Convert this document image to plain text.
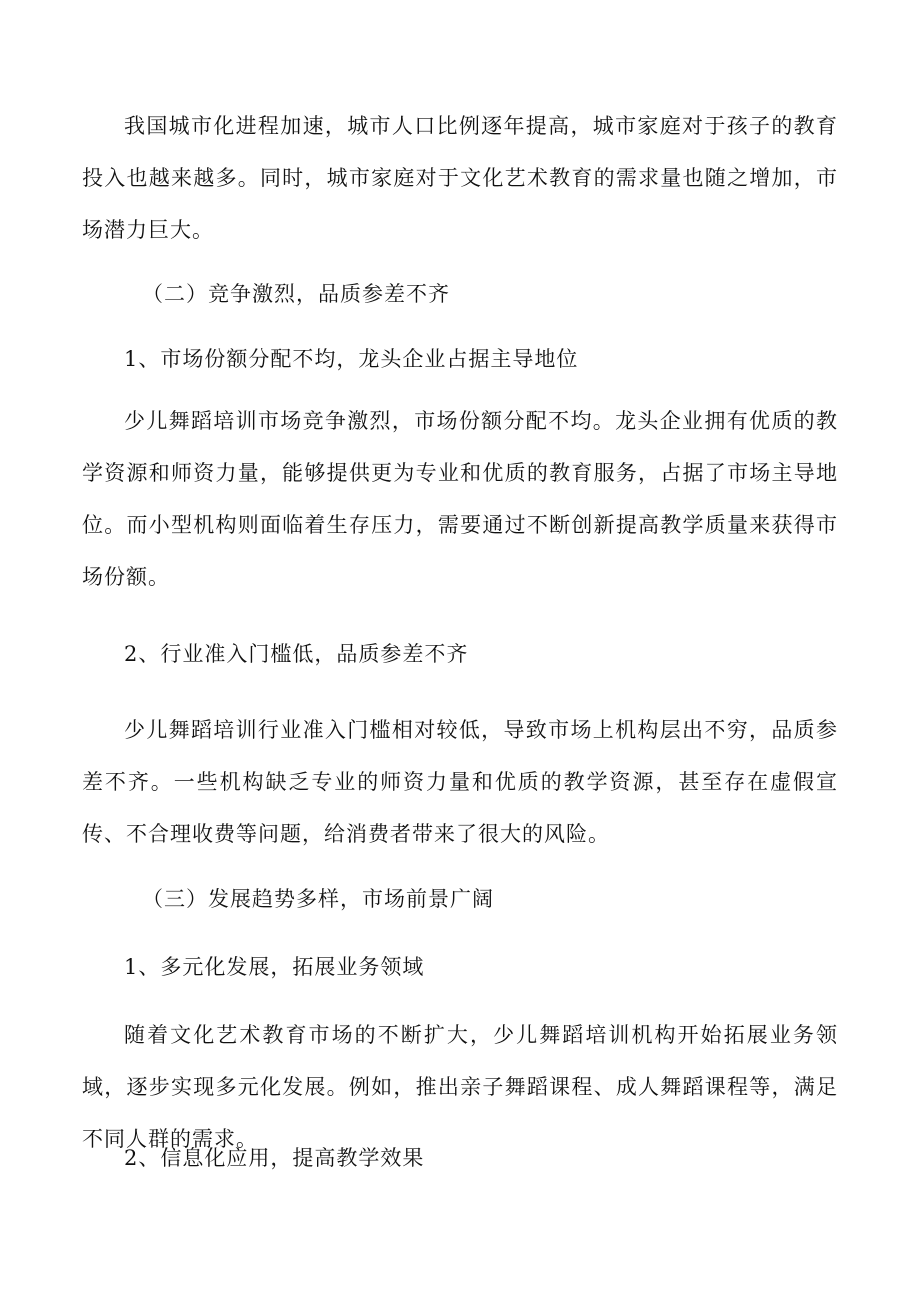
我国城市化进程加速，城市人口比例逐年提高，城市家庭对于孩子的教育投入也越来越多。同时，城市家庭对于文化艺术教育的需求量也随之增加，市场潜力巨大。

（二）竞争激烈，品质参差不齐

1、市场份额分配不均，龙头企业占据主导地位

少儿舞蹈培训市场竞争激烈，市场份额分配不均。龙头企业拥有优质的教学资源和师资力量，能够提供更为专业和优质的教育服务，占据了市场主导地位。而小型机构则面临着生存压力，需要通过不断创新提高教学质量来获得市场份额。

2、行业准入门槛低，品质参差不齐

少儿舞蹈培训行业准入门槛相对较低，导致市场上机构层出不穷，品质参差不齐。一些机构缺乏专业的师资力量和优质的教学资源，甚至存在虚假宣传、不合理收费等问题，给消费者带来了很大的风险。

（三）发展趋势多样，市场前景广阔

1、多元化发展，拓展业务领域

随着文化艺术教育市场的不断扩大，少儿舞蹈培训机构开始拓展业务领域，逐步实现多元化发展。例如，推出亲子舞蹈课程、成人舞蹈课程等，满足不同人群的需求。

2、信息化应用，提高教学效果
